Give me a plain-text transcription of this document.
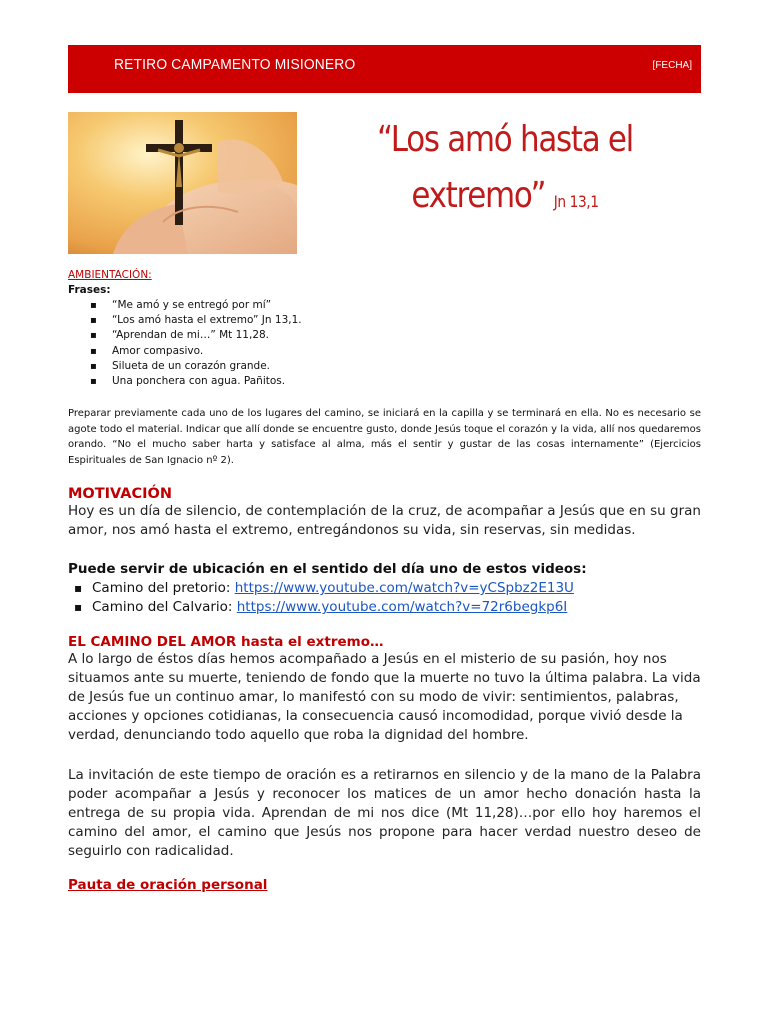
RETIRO CAMPAMENTO MISIONERO	[FECHA]
“Los amó hasta el
extremo” Jn 13,1
AMBIENTACIÓN:
Frases:
▪ “Me amó y se entregó por mí”
▪ “Los amó hasta el extremo” Jn 13,1.
▪ “Aprendan de mi…” Mt 11,28.
▪ Amor compasivo.
▪ Silueta de un corazón grande.
▪ Una ponchera con agua. Pañitos.
Preparar previamente cada uno de los lugares del camino, se iniciará en la capilla y se terminará en ella. No es necesario se agote todo el material. Indicar que allí donde se encuentre gusto, donde Jesús toque el corazón y la vida, allí nos quedaremos orando. “No el mucho saber harta y satisface al alma, más el sentir y gustar de las cosas internamente” (Ejercicios Espirituales de San Ignacio nº 2).
MOTIVACIÓN
Hoy es un día de silencio, de contemplación de la cruz, de acompañar a Jesús que en su gran amor, nos amó hasta el extremo, entregándonos su vida, sin reservas, sin medidas.
Puede servir de ubicación en el sentido del día uno de estos videos:
▪ Camino del pretorio: https://www.youtube.com/watch?v=yCSpbz2E13U
▪ Camino del Calvario: https://www.youtube.com/watch?v=72r6begkp6I
EL CAMINO DEL AMOR hasta el extremo…
A lo largo de éstos días hemos acompañado a Jesús en el misterio de su pasión, hoy nos situamos ante su muerte, teniendo de fondo que la muerte no tuvo la última palabra. La vida de Jesús fue un continuo amar, lo manifestó con su modo de vivir: sentimientos, palabras, acciones y opciones cotidianas, la consecuencia causó incomodidad, porque vivió desde la verdad, denunciando todo aquello que roba la dignidad del hombre.
La invitación de este tiempo de oración es a retirarnos en silencio y de la mano de la Palabra poder acompañar a Jesús y reconocer los matices de un amor hecho donación hasta la entrega de su propia vida. Aprendan de mi nos dice (Mt 11,28)…por ello hoy haremos el camino del amor, el camino que Jesús nos propone para hacer verdad nuestro deseo de seguirlo con radicalidad.
Pauta de oración personal
